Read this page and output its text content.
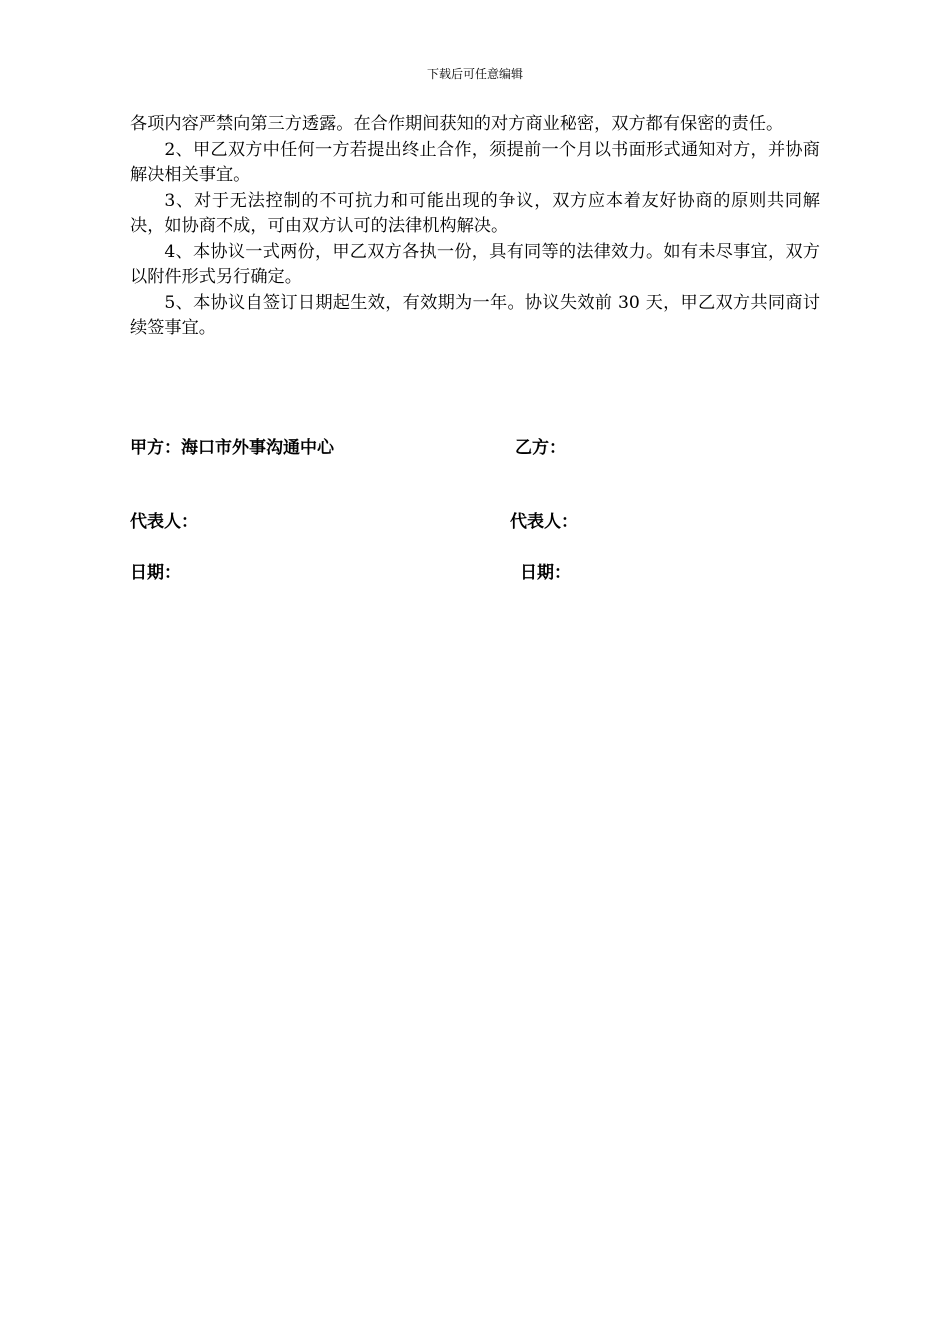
下载后可任意编辑

各项内容严禁向第三方透露。在合作期间获知的对方商业秘密，双方都有保密的责任。

2、甲乙双方中任何一方若提出终止合作，须提前一个月以书面形式通知对方，并协商解决相关事宜。

3、对于无法控制的不可抗力和可能出现的争议，双方应本着友好协商的原则共同解决，如协商不成，可由双方认可的法律机构解决。

4、本协议一式两份，甲乙双方各执一份，具有同等的法律效力。如有未尽事宜，双方以附件形式另行确定。

5、本协议自签订日期起生效，有效期为一年。协议失效前 30 天，甲乙双方共同商讨续签事宜。

甲方：海口市外事沟通中心	乙方：
代表人：	代表人：
日期：	日期：
